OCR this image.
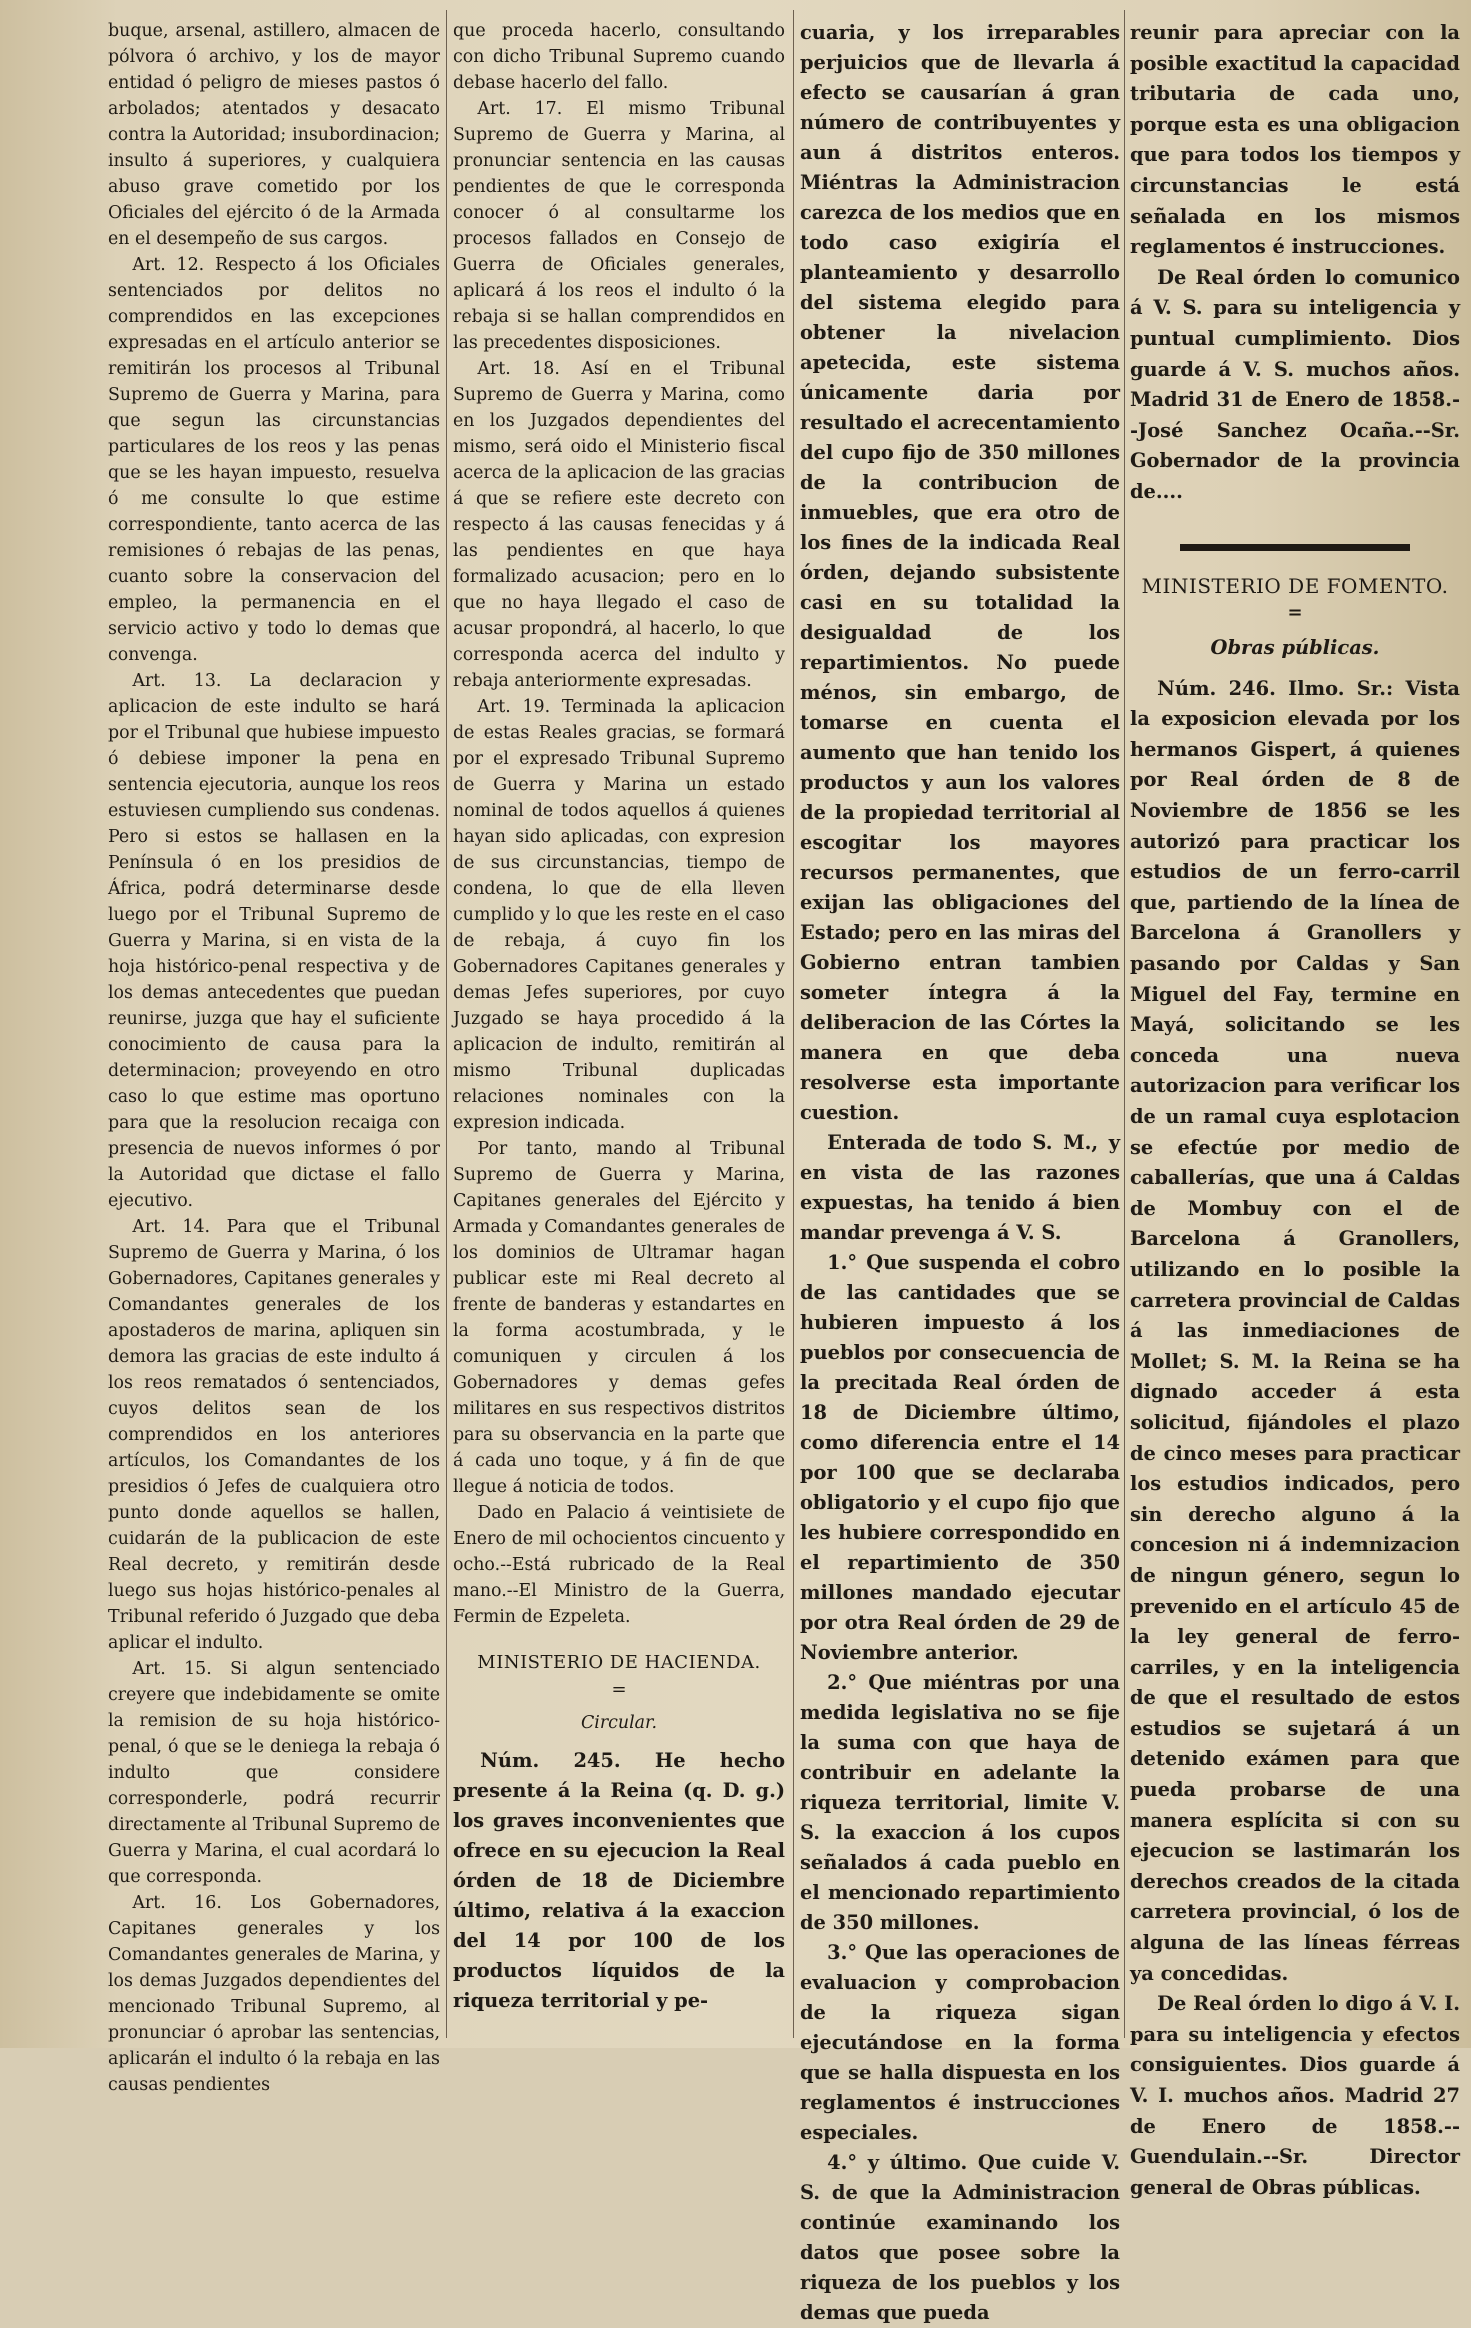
buque, arsenal, astillero, almacen de pólvora ó archivo, y los de mayor entidad ó peligro de mieses pastos ó arbolados; atentados y desacato contra la Autoridad; insubordinacion; insulto á superiores, y cualquiera abuso grave cometido por los Oficiales del ejército ó de la Armada en el desempeño de sus cargos.

Art. 12. Respecto á los Oficiales sentenciados por delitos no comprendidos en las excepciones expresadas en el artículo anterior se remitirán los procesos al Tribunal Supremo de Guerra y Marina, para que segun las circunstancias particulares de los reos y las penas que se les hayan impuesto, resuelva ó me consulte lo que estime correspondiente, tanto acerca de las remisiones ó rebajas de las penas, cuanto sobre la conservacion del empleo, la permanencia en el servicio activo y todo lo demas que convenga.

Art. 13. La declaracion y aplicacion de este indulto se hará por el Tribunal que hubiese impuesto ó debiese imponer la pena en sentencia ejecutoria, aunque los reos estuviesen cumpliendo sus condenas. Pero si estos se hallasen en la Península ó en los presidios de África, podrá determinarse desde luego por el Tribunal Supremo de Guerra y Marina, si en vista de la hoja histórico-penal respectiva y de los demas antecedentes que puedan reunirse, juzga que hay el suficiente conocimiento de causa para la determinacion; proveyendo en otro caso lo que estime mas oportuno para que la resolucion recaiga con presencia de nuevos informes ó por la Autoridad que dictase el fallo ejecutivo.

Art. 14. Para que el Tribunal Supremo de Guerra y Marina, ó los Gobernadores, Capitanes generales y Comandantes generales de los apostaderos de marina, apliquen sin demora las gracias de este indulto á los reos rematados ó sentenciados, cuyos delitos sean de los comprendidos en los anteriores artículos, los Comandantes de los presidios ó Jefes de cualquiera otro punto donde aquellos se hallen, cuidarán de la publicacion de este Real decreto, y remitirán desde luego sus hojas histórico-penales al Tribunal referido ó Juzgado que deba aplicar el indulto.

Art. 15. Si algun sentenciado creyere que indebidamente se omite la remision de su hoja histórico-penal, ó que se le deniega la rebaja ó indulto que considere corresponderle, podrá recurrir directamente al Tribunal Supremo de Guerra y Marina, el cual acordará lo que corresponda.

Art. 16. Los Gobernadores, Capitanes generales y los Comandantes generales de Marina, y los demas Juzgados dependientes del mencionado Tribunal Supremo, al pronunciar ó aprobar las sentencias, aplicarán el indulto ó la rebaja en las causas pendientes

que proceda hacerlo, consultando con dicho Tribunal Supremo cuando debase hacerlo del fallo.

Art. 17. El mismo Tribunal Supremo de Guerra y Marina, al pronunciar sentencia en las causas pendientes de que le corresponda conocer ó al consultarme los procesos fallados en Consejo de Guerra de Oficiales generales, aplicará á los reos el indulto ó la rebaja si se hallan comprendidos en las precedentes disposiciones.

Art. 18. Así en el Tribunal Supremo de Guerra y Marina, como en los Juzgados dependientes del mismo, será oido el Ministerio fiscal acerca de la aplicacion de las gracias á que se refiere este decreto con respecto á las causas fenecidas y á las pendientes en que haya formalizado acusacion; pero en lo que no haya llegado el caso de acusar propondrá, al hacerlo, lo que corresponda acerca del indulto y rebaja anteriormente expresadas.

Art. 19. Terminada la aplicacion de estas Reales gracias, se formará por el expresado Tribunal Supremo de Guerra y Marina un estado nominal de todos aquellos á quienes hayan sido aplicadas, con expresion de sus circunstancias, tiempo de condena, lo que de ella lleven cumplido y lo que les reste en el caso de rebaja, á cuyo fin los Gobernadores Capitanes generales y demas Jefes superiores, por cuyo Juzgado se haya procedido á la aplicacion de indulto, remitirán al mismo Tribunal duplicadas relaciones nominales con la expresion indicada.

Por tanto, mando al Tribunal Supremo de Guerra y Marina, Capitanes generales del Ejército y Armada y Comandantes generales de los dominios de Ultramar hagan publicar este mi Real decreto al frente de banderas y estandartes en la forma acostumbrada, y le comuniquen y circulen á los Gobernadores y demas gefes militares en sus respectivos distritos para su observancia en la parte que á cada uno toque, y á fin de que llegue á noticia de todos.

Dado en Palacio á veintisiete de Enero de mil ochocientos cincuento y ocho.--Está rubricado de la Real mano.--El Ministro de la Guerra, Fermin de Ezpeleta.

MINISTERIO DE HACIENDA.
=
Circular.

Núm. 245. He hecho presente á la Reina (q. D. g.) los graves inconvenientes que ofrece en su ejecucion la Real órden de 18 de Diciembre último, relativa á la exaccion del 14 por 100 de los productos líquidos de la riqueza territorial y pe-

cuaria, y los irreparables perjuicios que de llevarla á efecto se causarían á gran número de contribuyentes y aun á distritos enteros. Miéntras la Administracion carezca de los medios que en todo caso exigiría el planteamiento y desarrollo del sistema elegido para obtener la nivelacion apetecida, este sistema únicamente daria por resultado el acrecentamiento del cupo fijo de 350 millones de la contribucion de inmuebles, que era otro de los fines de la indicada Real órden, dejando subsistente casi en su totalidad la desigualdad de los repartimientos. No puede ménos, sin embargo, de tomarse en cuenta el aumento que han tenido los productos y aun los valores de la propiedad territorial al escogitar los mayores recursos permanentes, que exijan las obligaciones del Estado; pero en las miras del Gobierno entran tambien someter íntegra á la deliberacion de las Córtes la manera en que deba resolverse esta importante cuestion.

Enterada de todo S. M., y en vista de las razones expuestas, ha tenido á bien mandar prevenga á V. S.

1.° Que suspenda el cobro de las cantidades que se hubieren impuesto á los pueblos por consecuencia de la precitada Real órden de 18 de Diciembre último, como diferencia entre el 14 por 100 que se declaraba obligatorio y el cupo fijo que les hubiere correspondido en el repartimiento de 350 millones mandado ejecutar por otra Real órden de 29 de Noviembre anterior.

2.° Que miéntras por una medida legislativa no se fije la suma con que haya de contribuir en adelante la riqueza territorial, limite V. S. la exaccion á los cupos señalados á cada pueblo en el mencionado repartimiento de 350 millones.

3.° Que las operaciones de evaluacion y comprobacion de la riqueza sigan ejecutándose en la forma que se halla dispuesta en los reglamentos é instrucciones especiales.

4.° y último. Que cuide V. S. de que la Administracion continúe examinando los datos que posee sobre la riqueza de los pueblos y los demas que pueda

reunir para apreciar con la posible exactitud la capacidad tributaria de cada uno, porque esta es una obligacion que para todos los tiempos y circunstancias le está señalada en los mismos reglamentos é instrucciones.

De Real órden lo comunico á V. S. para su inteligencia y puntual cumplimiento. Dios guarde á V. S. muchos años. Madrid 31 de Enero de 1858.--José Sanchez Ocaña.--Sr. Gobernador de la provincia de....

MINISTERIO DE FOMENTO.
=
Obras públicas.

Núm. 246. Ilmo. Sr.: Vista la exposicion elevada por los hermanos Gispert, á quienes por Real órden de 8 de Noviembre de 1856 se les autorizó para practicar los estudios de un ferro-carril que, partiendo de la línea de Barcelona á Granollers y pasando por Caldas y San Miguel del Fay, termine en Mayá, solicitando se les conceda una nueva autorizacion para verificar los de un ramal cuya esplotacion se efectúe por medio de caballerías, que una á Caldas de Mombuy con el de Barcelona á Granollers, utilizando en lo posible la carretera provincial de Caldas á las inmediaciones de Mollet; S. M. la Reina se ha dignado acceder á esta solicitud, fijándoles el plazo de cinco meses para practicar los estudios indicados, pero sin derecho alguno á la concesion ni á indemnizacion de ningun género, segun lo prevenido en el artículo 45 de la ley general de ferro-carriles, y en la inteligencia de que el resultado de estos estudios se sujetará á un detenido exámen para que pueda probarse de una manera esplícita si con su ejecucion se lastimarán los derechos creados de la citada carretera provincial, ó los de alguna de las líneas férreas ya concedidas.

De Real órden lo digo á V. I. para su inteligencia y efectos consiguientes. Dios guarde á V. I. muchos años. Madrid 27 de Enero de 1858.--Guendulain.--Sr. Director general de Obras públicas.
